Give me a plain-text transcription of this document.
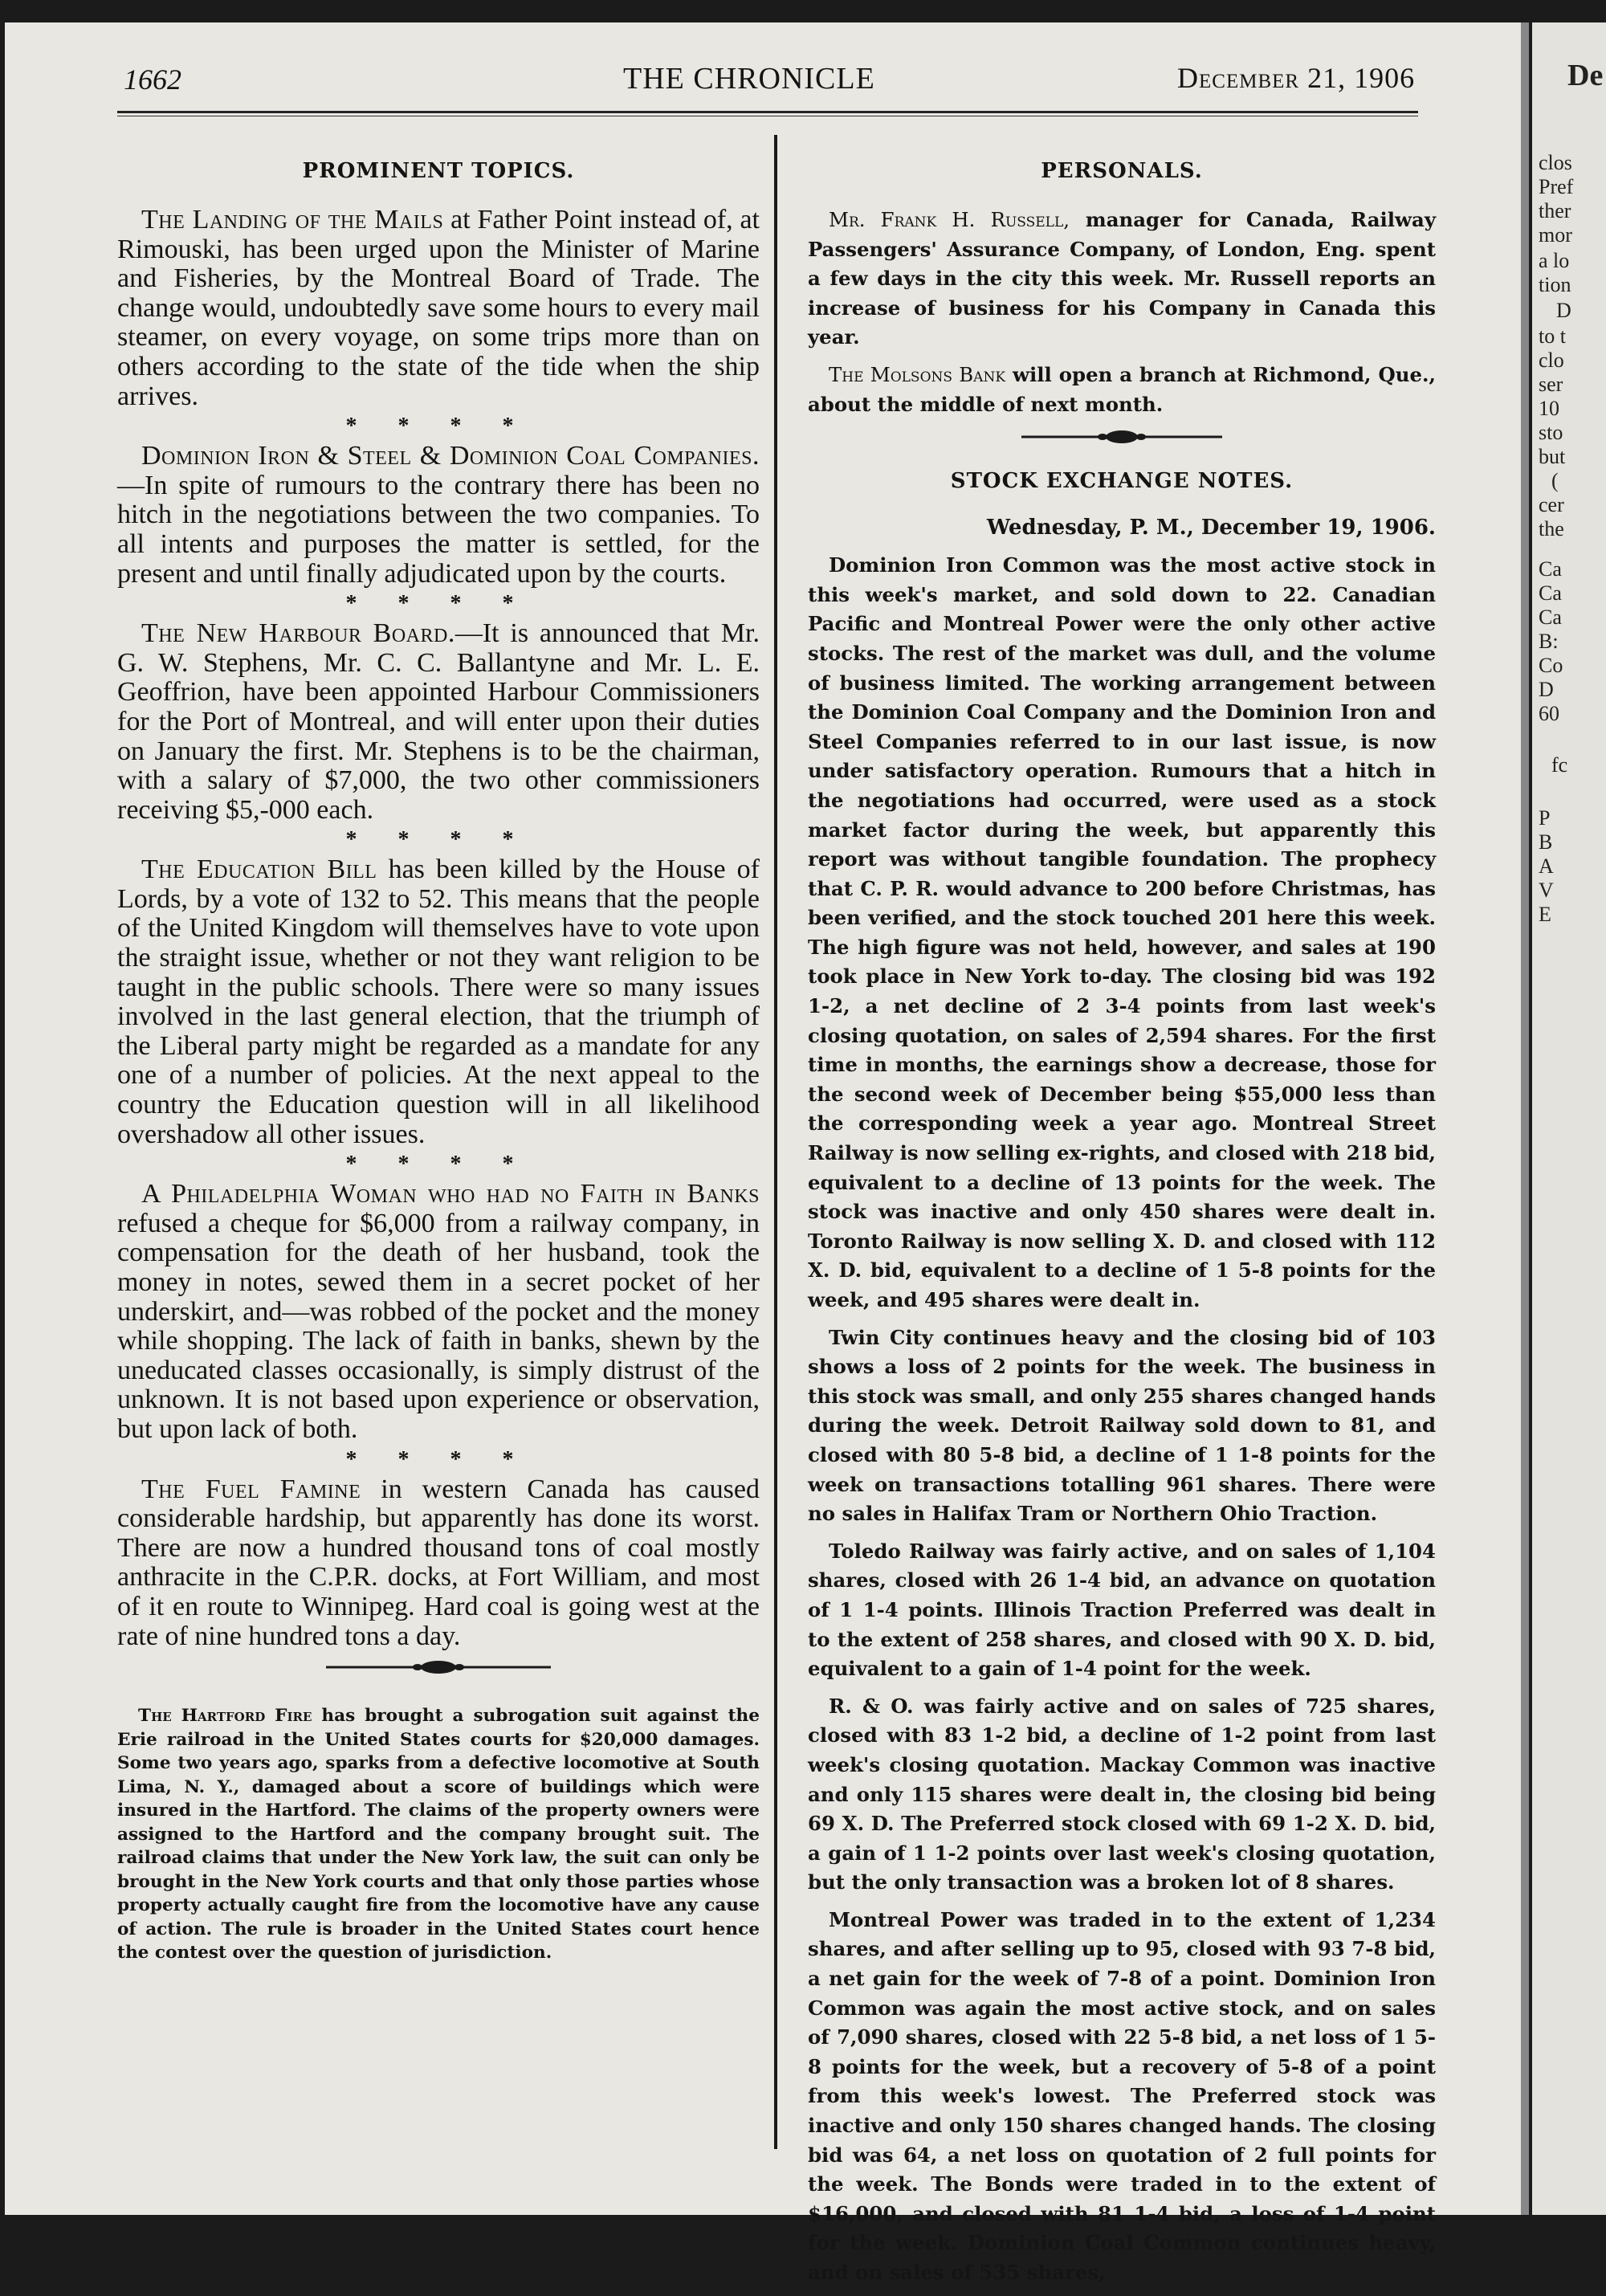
1662	THE CHRONICLE	December 21, 1906
PROMINENT TOPICS.

The Landing of the Mails at Father Point instead of, at Rimouski, has been urged upon the Minister of Marine and Fisheries, by the Montreal Board of Trade. The change would, undoubtedly save some hours to every mail steamer, on every voyage, on some trips more than on others according to the state of the tide when the ship arrives.

* * * *

Dominion Iron & Steel & Dominion Coal Companies.—In spite of rumours to the contrary there has been no hitch in the negotiations between the two companies. To all intents and purposes the matter is settled, for the present and until finally adjudicated upon by the courts.

* * * *

The New Harbour Board.—It is announced that Mr. G. W. Stephens, Mr. C. C. Ballantyne and Mr. L. E. Geoffrion, have been appointed Harbour Commissioners for the Port of Montreal, and will enter upon their duties on January the first. Mr. Stephens is to be the chairman, with a salary of $7,000, the two other commissioners receiving $5,-000 each.

* * * *

The Education Bill has been killed by the House of Lords, by a vote of 132 to 52. This means that the people of the United Kingdom will themselves have to vote upon the straight issue, whether or not they want religion to be taught in the public schools. There were so many issues involved in the last general election, that the triumph of the Liberal party might be regarded as a mandate for any one of a number of policies. At the next appeal to the country the Education question will in all likelihood overshadow all other issues.

* * * *

A Philadelphia Woman who had no Faith in Banks refused a cheque for $6,000 from a railway company, in compensation for the death of her husband, took the money in notes, sewed them in a secret pocket of her underskirt, and—was robbed of the pocket and the money while shopping. The lack of faith in banks, shewn by the uneducated classes occasionally, is simply distrust of the unknown. It is not based upon experience or observation, but upon lack of both.

* * * *

The Fuel Famine in western Canada has caused considerable hardship, but apparently has done its worst. There are now a hundred thousand tons of coal mostly anthracite in the C.P.R. docks, at Fort William, and most of it en route to Winnipeg. Hard coal is going west at the rate of nine hundred tons a day.

The Hartford Fire has brought a subrogation suit against the Erie railroad in the United States courts for $20,000 damages. Some two years ago, sparks from a defective locomotive at South Lima, N. Y., damaged about a score of buildings which were insured in the Hartford. The claims of the property owners were assigned to the Hartford and the company brought suit. The railroad claims that under the New York law, the suit can only be brought in the New York courts and that only those parties whose property actually caught fire from the locomotive have any cause of action. The rule is broader in the United States court hence the contest over the question of jurisdiction.

PERSONALS.

Mr. Frank H. Russell, manager for Canada, Railway Passengers' Assurance Company, of London, Eng. spent a few days in the city this week. Mr. Russell reports an increase of business for his Company in Canada this year.

The Molsons Bank will open a branch at Richmond, Que., about the middle of next month.

STOCK EXCHANGE NOTES.
Wednesday, P. M., December 19, 1906.

Dominion Iron Common was the most active stock in this week's market, and sold down to 22. Canadian Pacific and Montreal Power were the only other active stocks. The rest of the market was dull, and the volume of business limited. The working arrangement between the Dominion Coal Company and the Dominion Iron and Steel Companies referred to in our last issue, is now under satisfactory operation. Rumours that a hitch in the negotiations had occurred, were used as a stock market factor during the week, but apparently this report was without tangible foundation. The prophecy that C. P. R. would advance to 200 before Christmas, has been verified, and the stock touched 201 here this week. The high figure was not held, however, and sales at 190 took place in New York to-day. The closing bid was 192 1-2, a net decline of 2 3-4 points from last week's closing quotation, on sales of 2,594 shares. For the first time in months, the earnings show a decrease, those for the second week of December being $55,000 less than the corresponding week a year ago. Montreal Street Railway is now selling ex-rights, and closed with 218 bid, equivalent to a decline of 13 points for the week. The stock was inactive and only 450 shares were dealt in. Toronto Railway is now selling X. D. and closed with 112 X. D. bid, equivalent to a decline of 1 5-8 points for the week, and 495 shares were dealt in.

Twin City continues heavy and the closing bid of 103 shows a loss of 2 points for the week. The business in this stock was small, and only 255 shares changed hands during the week. Detroit Railway sold down to 81, and closed with 80 5-8 bid, a decline of 1 1-8 points for the week on transactions totalling 961 shares. There were no sales in Halifax Tram or Northern Ohio Traction.

Toledo Railway was fairly active, and on sales of 1,104 shares, closed with 26 1-4 bid, an advance on quotation of 1 1-4 points. Illinois Traction Preferred was dealt in to the extent of 258 shares, and closed with 90 X. D. bid, equivalent to a gain of 1-4 point for the week.

R. & O. was fairly active and on sales of 725 shares, closed with 83 1-2 bid, a decline of 1-2 point from last week's closing quotation. Mackay Common was inactive and only 115 shares were dealt in, the closing bid being 69 X. D. The Preferred stock closed with 69 1-2 X. D. bid, a gain of 1 1-2 points over last week's closing quotation, but the only transaction was a broken lot of 8 shares.

Montreal Power was traded in to the extent of 1,234 shares, and after selling up to 95, closed with 93 7-8 bid, a net gain for the week of 7-8 of a point. Dominion Iron Common was again the most active stock, and on sales of 7,090 shares, closed with 22 5-8 bid, a net loss of 1 5-8 points for the week, but a recovery of 5-8 of a point from this week's lowest. The Preferred stock was inactive and only 150 shares changed hands. The closing bid was 64, a net loss on quotation of 2 full points for the week. The Bonds were traded in to the extent of $16,000, and closed with 81 1-4 bid, a loss of 1-4 point for the week. Dominion Coal Common continues heavy, and on sales of 535 shares,

De
clos
Pref
ther
mor
a lo
tion
D
to t
clo
ser
10
sto
but
(
cer
the
Ca
Ca
Ca
B:
Co
D
60
fc
P
B
A
V
E
